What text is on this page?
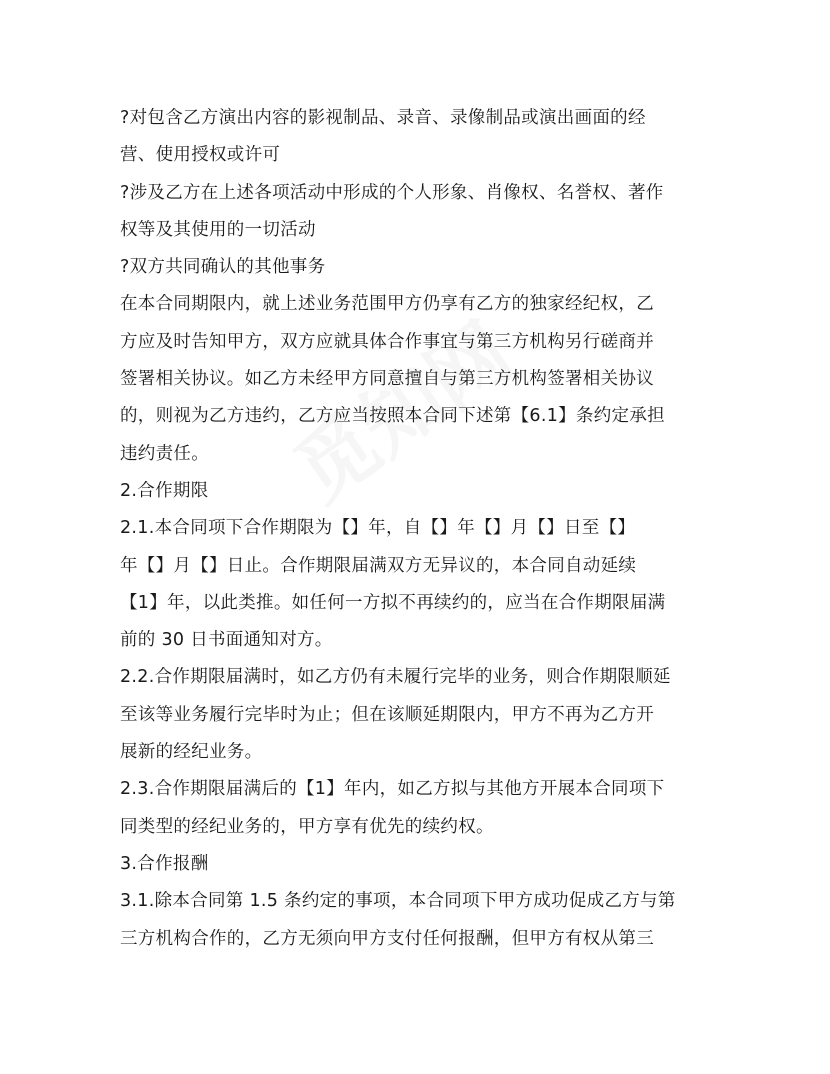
?对包含乙方演出内容的影视制品、录音、录像制品或演出画面的经
营、使用授权或许可
?涉及乙方在上述各项活动中形成的个人形象、肖像权、名誉权、著作
权等及其使用的一切活动
?双方共同确认的其他事务
在本合同期限内，就上述业务范围甲方仍享有乙方的独家经纪权，乙
方应及时告知甲方，双方应就具体合作事宜与第三方机构另行磋商并
签署相关协议。如乙方未经甲方同意擅自与第三方机构签署相关协议
的，则视为乙方违约，乙方应当按照本合同下述第【6.1】条约定承担
违约责任。
2.合作期限
2.1.本合同项下合作期限为【】年，自【】年【】月【】日至【】
年【】月【】日止。合作期限届满双方无异议的，本合同自动延续
【1】年，以此类推。如任何一方拟不再续约的，应当在合作期限届满
前的 30 日书面通知对方。
2.2.合作期限届满时，如乙方仍有未履行完毕的业务，则合作期限顺延
至该等业务履行完毕时为止；但在该顺延期限内，甲方不再为乙方开
展新的经纪业务。
2.3.合作期限届满后的【1】年内，如乙方拟与其他方开展本合同项下
同类型的经纪业务的，甲方享有优先的续约权。
3.合作报酬
3.1.除本合同第 1.5 条约定的事项，本合同项下甲方成功促成乙方与第
三方机构合作的，乙方无须向甲方支付任何报酬，但甲方有权从第三
